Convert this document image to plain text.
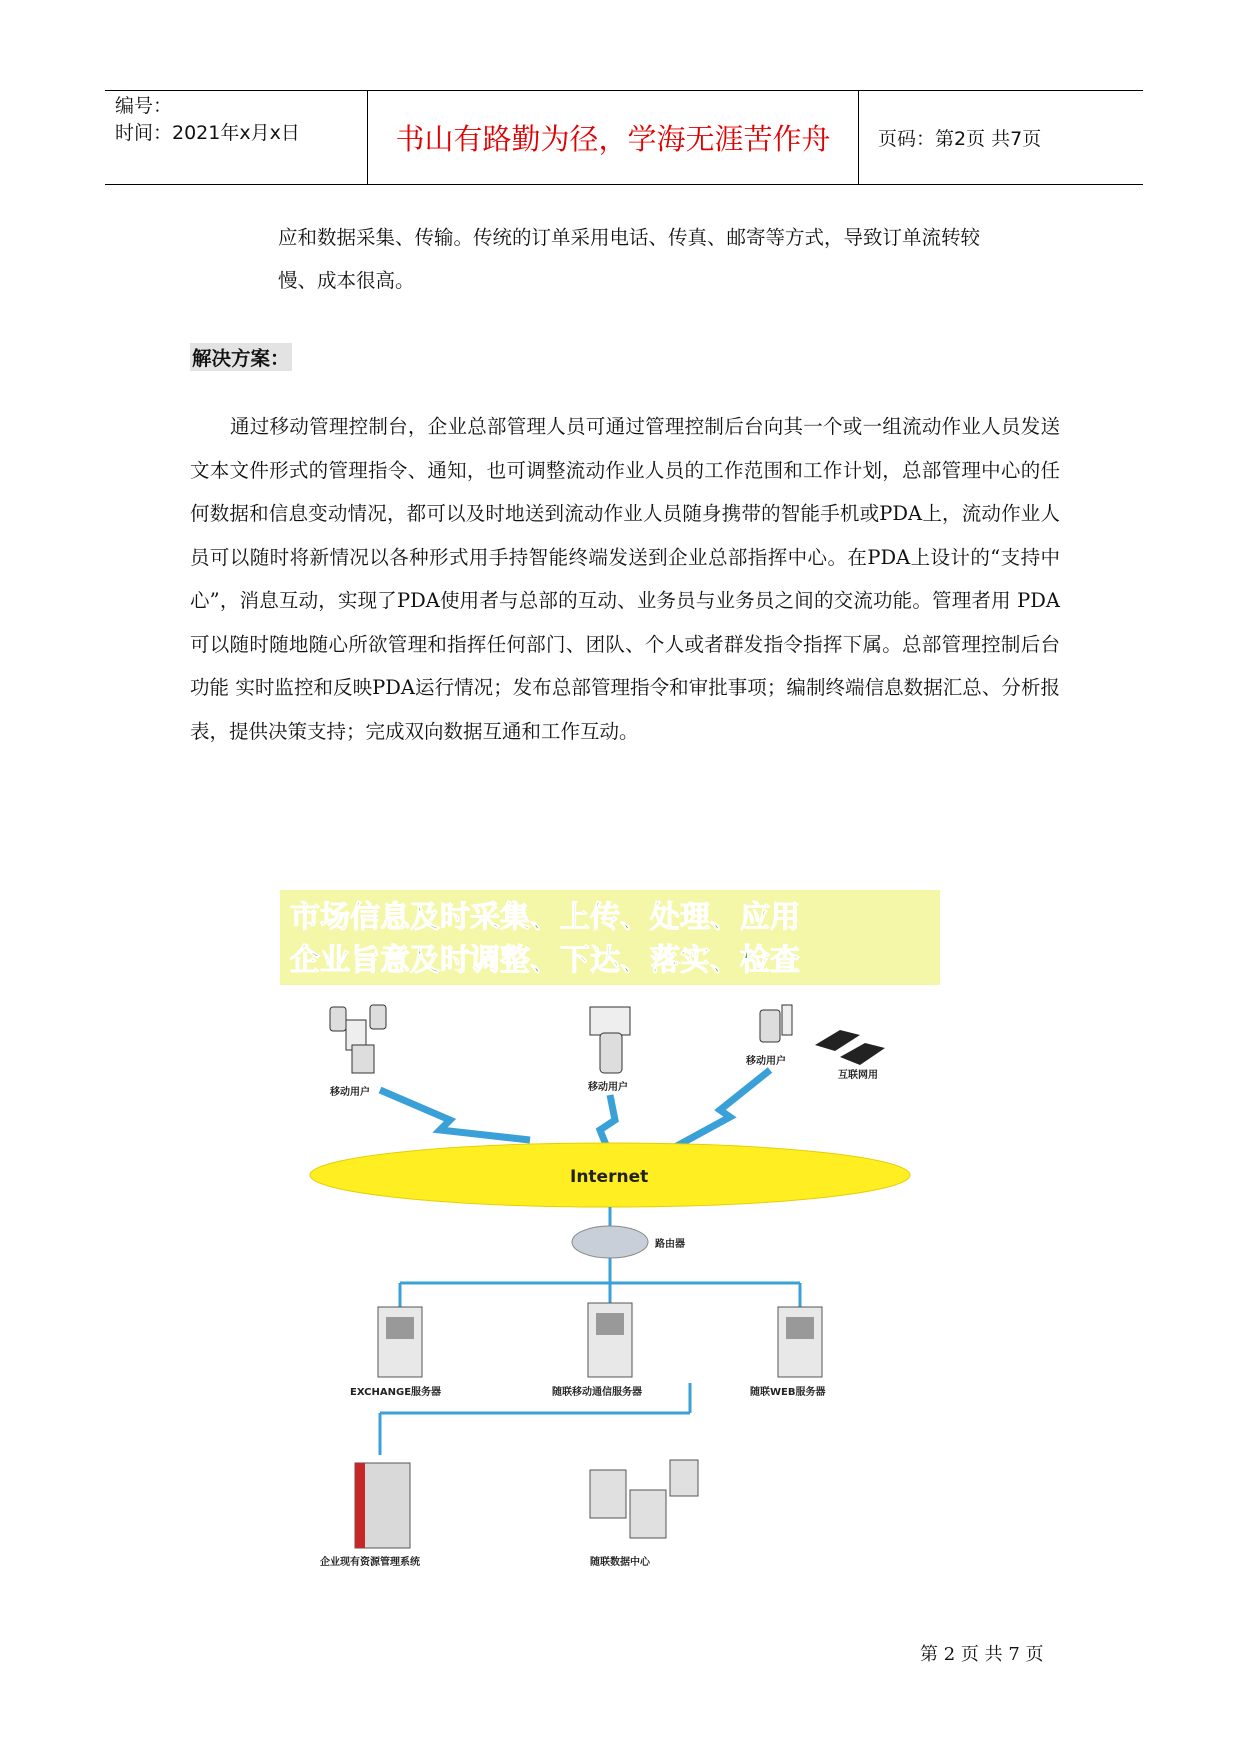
编号：
时间：2021年x月x日	书山有路勤为径，学海无涯苦作舟	页码：第2页 共7页
应和数据采集、传输。传统的订单采用电话、传真、邮寄等方式，导致订单流转较
慢、成本很高。
解决方案：
通过移动管理控制台，企业总部管理人员可通过管理控制后台向其一个或一组流动作业人员发送文本文件形式的管理指令、通知，也可调整流动作业人员的工作范围和工作计划，总部管理中心的任何数据和信息变动情况，都可以及时地送到流动作业人员随身携带的智能手机或PDA上，流动作业人员可以随时将新情况以各种形式用手持智能终端发送到企业总部指挥中心。在PDA上设计的“支持中心”，消息互动，实现了PDA使用者与总部的互动、业务员与业务员之间的交流功能。管理者用 PDA 可以随时随地随心所欲管理和指挥任何部门、团队、个人或者群发指令指挥下属。总部管理控制后台功能 实时监控和反映PDA运行情况；发布总部管理指令和审批事项；编制终端信息数据汇总、分析报表，提供决策支持；完成双向数据互通和工作互动。
市场信息及时采集、上传、处理、应用
企业旨意及时调整、下达、落实、检查
移动用户	移动用户
移动用户
互联网用
Internet
路由器
EXCHANGE服务器	随联移动通信服务器	随联WEB服务器
企业现有资源管理系统	随联数据中心
第 2 页 共 7 页
